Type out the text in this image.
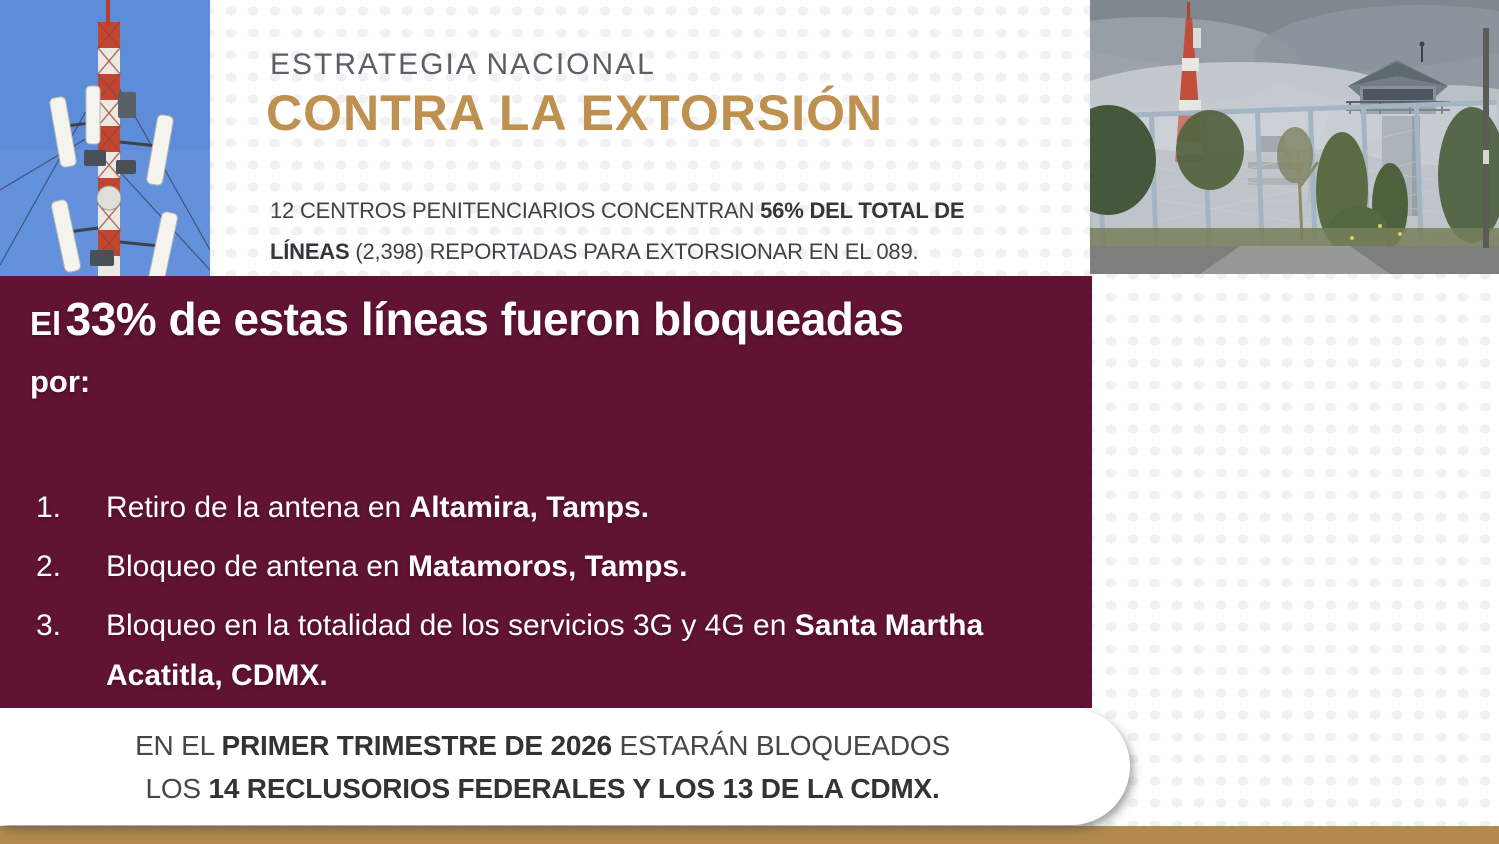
ESTRATEGIA NACIONAL
CONTRA LA EXTORSIÓN

12 CENTROS PENITENCIARIOS CONCENTRAN 56% DEL TOTAL DE LÍNEAS (2,398) REPORTADAS PARA EXTORSIONAR EN EL 089.

El 33% de estas líneas fueron bloqueadas
por:
1.	Retiro de la antena en Altamira, Tamps.
2.	Bloqueo de antena en Matamoros, Tamps.
3.	Bloqueo en la totalidad de los servicios 3G y 4G en Santa Martha Acatitla, CDMX.
EN EL PRIMER TRIMESTRE DE 2026 ESTARÁN BLOQUEADOS
LOS 14 RECLUSORIOS FEDERALES Y LOS 13 DE LA CDMX.
